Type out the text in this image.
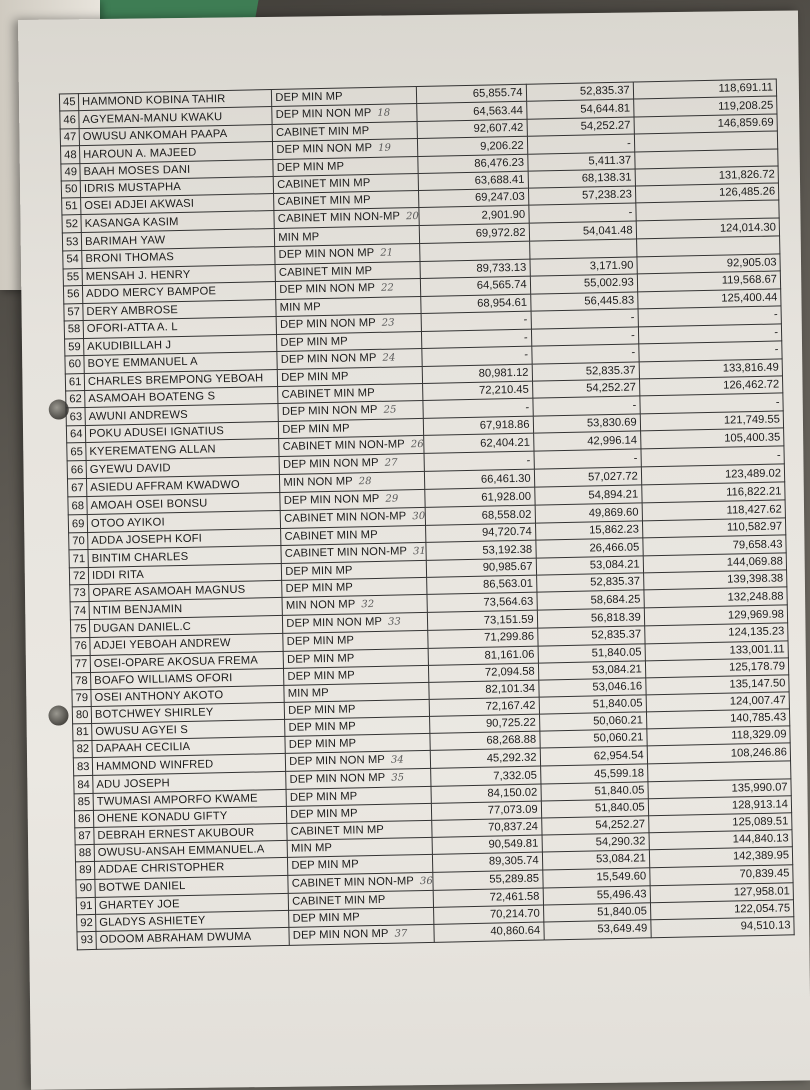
45	HAMMOND KOBINA TAHIR	DEP MIN MP	65,855.74	52,835.37	118,691.11
46	AGYEMAN-MANU KWAKU	DEP MIN NON MP 18	64,563.44	54,644.81	119,208.25
47	OWUSU ANKOMAH PAAPA	CABINET MIN MP	92,607.42	54,252.27	146,859.69
48	HAROUN A. MAJEED	DEP MIN NON MP 19	9,206.22	-	
49	BAAH MOSES DANI	DEP MIN MP	86,476.23	5,411.37	
50	IDRIS MUSTAPHA	CABINET MIN MP	63,688.41	68,138.31	131,826.72
51	OSEI ADJEI AKWASI	CABINET MIN MP	69,247.03	57,238.23	126,485.26
52	KASANGA KASIM	CABINET MIN NON-MP 20	2,901.90	-	
53	BARIMAH YAW	MIN MP	69,972.82	54,041.48	124,014.30
54	BRONI THOMAS	DEP MIN NON MP 21			
55	MENSAH J. HENRY	CABINET MIN MP	89,733.13	3,171.90	92,905.03
56	ADDO MERCY BAMPOE	DEP MIN NON MP 22	64,565.74	55,002.93	119,568.67
57	DERY AMBROSE	MIN MP	68,954.61	56,445.83	125,400.44
58	OFORI-ATTA A. L	DEP MIN NON MP 23	-	-	-
59	AKUDIBILLAH J	DEP MIN MP	-	-	-
60	BOYE EMMANUEL A	DEP MIN NON MP 24	-	-	-
61	CHARLES BREMPONG YEBOAH	DEP MIN MP	80,981.12	52,835.37	133,816.49
62	ASAMOAH BOATENG S	CABINET MIN MP	72,210.45	54,252.27	126,462.72
63	AWUNI ANDREWS	DEP MIN NON MP 25	-	-	-
64	POKU ADUSEI IGNATIUS	DEP MIN MP	67,918.86	53,830.69	121,749.55
65	KYEREMATENG ALLAN	CABINET MIN NON-MP 26	62,404.21	42,996.14	105,400.35
66	GYEWU DAVID	DEP MIN NON MP 27	-	-	-
67	ASIEDU AFFRAM KWADWO	MIN NON MP 28	66,461.30	57,027.72	123,489.02
68	AMOAH OSEI BONSU	DEP MIN NON MP 29	61,928.00	54,894.21	116,822.21
69	OTOO AYIKOI	CABINET MIN NON-MP 30	68,558.02	49,869.60	118,427.62
70	ADDA JOSEPH KOFI	CABINET MIN MP	94,720.74	15,862.23	110,582.97
71	BINTIM CHARLES	CABINET MIN NON-MP 31	53,192.38	26,466.05	79,658.43
72	IDDI RITA	DEP MIN MP	90,985.67	53,084.21	144,069.88
73	OPARE ASAMOAH MAGNUS	DEP MIN MP	86,563.01	52,835.37	139,398.38
74	NTIM BENJAMIN	MIN NON MP 32	73,564.63	58,684.25	132,248.88
75	DUGAN DANIEL.C	DEP MIN NON MP 33	73,151.59	56,818.39	129,969.98
76	ADJEI YEBOAH ANDREW	DEP MIN MP	71,299.86	52,835.37	124,135.23
77	OSEI-OPARE AKOSUA FREMA	DEP MIN MP	81,161.06	51,840.05	133,001.11
78	BOAFO WILLIAMS OFORI	DEP MIN MP	72,094.58	53,084.21	125,178.79
79	OSEI ANTHONY AKOTO	MIN MP	82,101.34	53,046.16	135,147.50
80	BOTCHWEY SHIRLEY	DEP MIN MP	72,167.42	51,840.05	124,007.47
81	OWUSU AGYEI S	DEP MIN MP	90,725.22	50,060.21	140,785.43
82	DAPAAH CECILIA	DEP MIN MP	68,268.88	50,060.21	118,329.09
83	HAMMOND WINFRED	DEP MIN NON MP 34	45,292.32	62,954.54	108,246.86
84	ADU JOSEPH	DEP MIN NON MP 35	7,332.05	45,599.18	
85	TWUMASI AMPORFO KWAME	DEP MIN MP	84,150.02	51,840.05	135,990.07
86	OHENE KONADU GIFTY	DEP MIN MP	77,073.09	51,840.05	128,913.14
87	DEBRAH ERNEST AKUBOUR	CABINET MIN MP	70,837.24	54,252.27	125,089.51
88	OWUSU-ANSAH EMMANUEL.A	MIN MP	90,549.81	54,290.32	144,840.13
89	ADDAE CHRISTOPHER	DEP MIN MP	89,305.74	53,084.21	142,389.95
90	BOTWE DANIEL	CABINET MIN NON-MP 36	55,289.85	15,549.60	70,839.45
91	GHARTEY JOE	CABINET MIN MP	72,461.58	55,496.43	127,958.01
92	GLADYS ASHIETEY	DEP MIN MP	70,214.70	51,840.05	122,054.75
93	ODOOM ABRAHAM DWUMA	DEP MIN NON MP 37	40,860.64	53,649.49	94,510.13
